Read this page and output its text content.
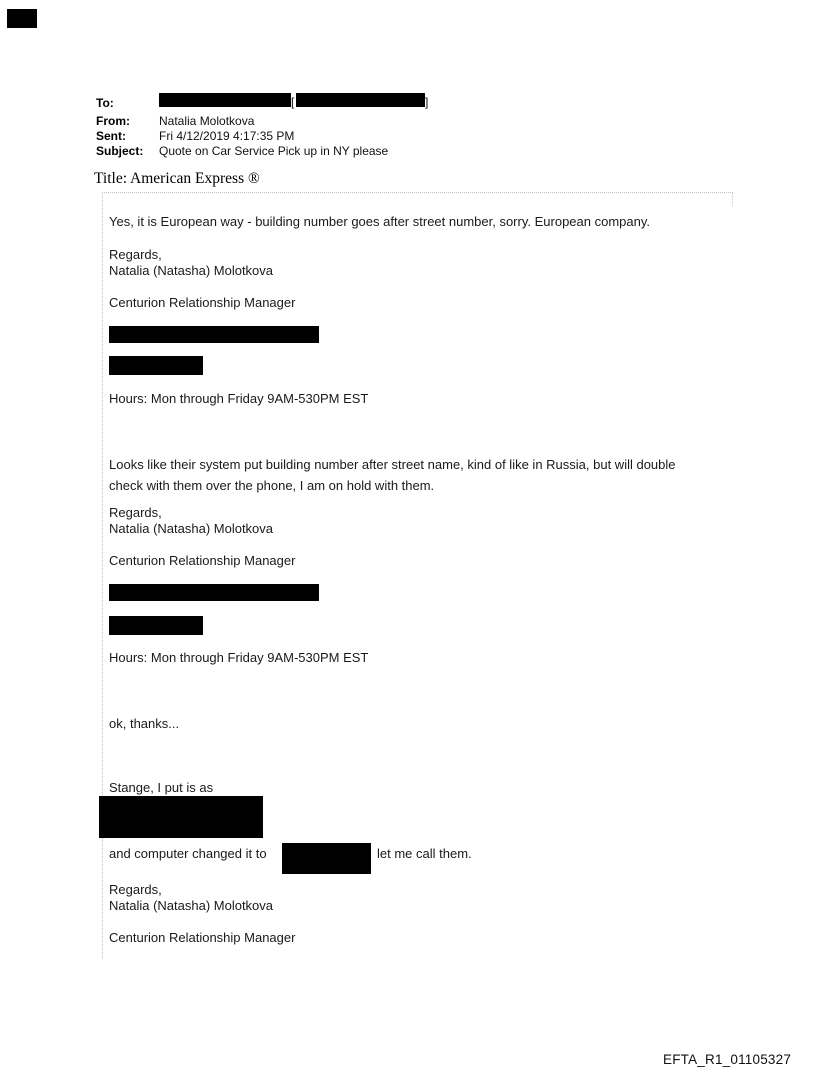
To:	[	]
From: Natalia Molotkova
Sent:	Fri 4/12/2019 4:17:35 PM
Subject: Quote on Car Service Pick up in NY please
Title: American Express ®
Yes, it is European way - building number goes after street number, sorry. European company.
Regards,
Natalia (Natasha) Molotkova
Centurion Relationship Manager
Hours: Mon through Friday 9AM-530PM EST
Looks like their system put building number after street name, kind of like in Russia, but will double
check with them over the phone, I am on hold with them.
Regards,
Natalia (Natasha) Molotkova
Centurion Relationship Manager
Hours: Mon through Friday 9AM-530PM EST
ok, thanks...
Stange, I put is as
and computer changed it to	let me call them.
Regards,
Natalia (Natasha) Molotkova
Centurion Relationship Manager
EFTA_R1_01105327
